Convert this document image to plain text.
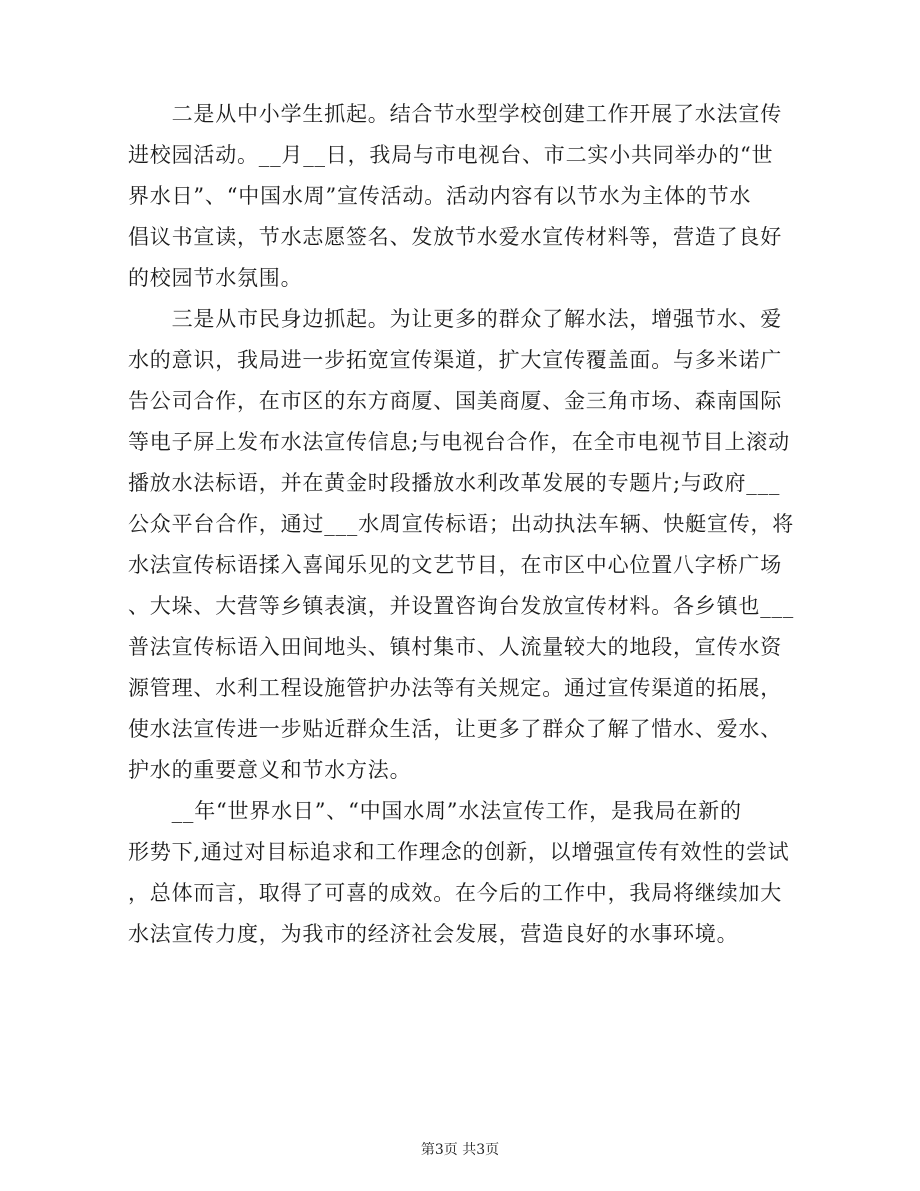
　　二是从中小学生抓起。结合节水型学校创建工作开展了水法宣传
进校园活动。__月__日，我局与市电视台、市二实小共同举办的“世
界水日”、“中国水周”宣传活动。活动内容有以节水为主体的节水
倡议书宣读，节水志愿签名、发放节水爱水宣传材料等，营造了良好
的校园节水氛围。
　　三是从市民身边抓起。为让更多的群众了解水法，增强节水、爱
水的意识，我局进一步拓宽宣传渠道，扩大宣传覆盖面。与多米诺广
告公司合作，在市区的东方商厦、国美商厦、金三角市场、森南国际
等电子屏上发布水法宣传信息;与电视台合作，在全市电视节目上滚动
播放水法标语，并在黄金时段播放水利改革发展的专题片;与政府___
公众平台合作，通过___水周宣传标语；出动执法车辆、快艇宣传，将
水法宣传标语揉入喜闻乐见的文艺节目，在市区中心位置八字桥广场
、大垛、大营等乡镇表演，并设置咨询台发放宣传材料。各乡镇也___
普法宣传标语入田间地头、镇村集市、人流量较大的地段，宣传水资
源管理、水利工程设施管护办法等有关规定。通过宣传渠道的拓展，
使水法宣传进一步贴近群众生活，让更多了群众了解了惜水、爱水、
护水的重要意义和节水方法。
　　__年“世界水日”、“中国水周”水法宣传工作，是我局在新的
形势下,通过对目标追求和工作理念的创新，以增强宣传有效性的尝试
，总体而言，取得了可喜的成效。在今后的工作中，我局将继续加大
水法宣传力度，为我市的经济社会发展，营造良好的水事环境。
第3页 共3页
